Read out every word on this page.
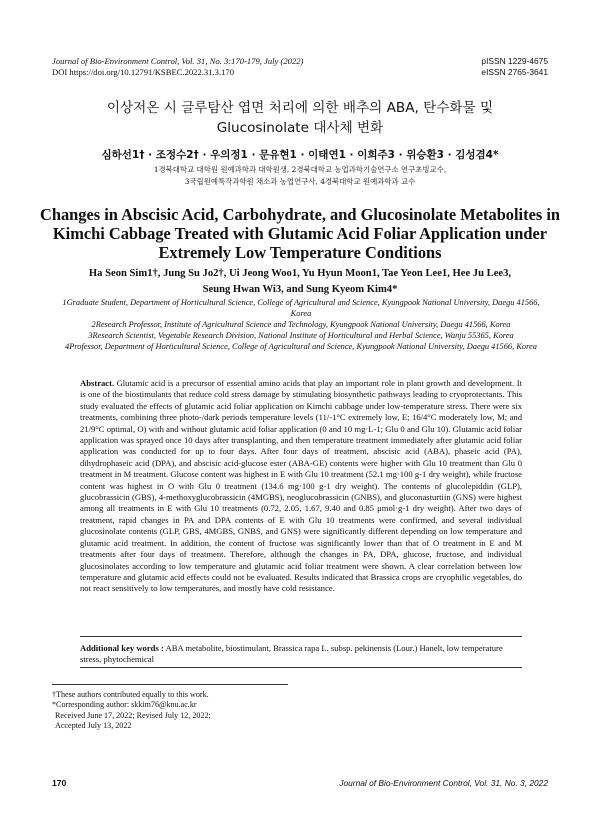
Journal of Bio-Environment Control, Vol. 31, No. 3:170-179, July (2022)
DOI https://doi.org/10.12791/KSBEC.2022.31.3.170
pISSN 1229-4675
eISSN 2765-3641
이상저온 시 글루탐산 엽면 처리에 의한 배추의 ABA, 탄수화물 및
Glucosinolate 대사체 변화
심하선1† · 조정수2† · 우의정1 · 문유현1 · 이태연1 · 이희주3 · 위승환3 · 김성겸4*
1경북대학교 대학원 원예과학과 대학원생, 2경북대학교 농업과학기술연구소 연구초빙교수,
3국립원예특작과학원 채소과 농업연구사, 4경북대학교 원예과학과 교수
Changes in Abscisic Acid, Carbohydrate, and Glucosinolate Metabolites in
Kimchi Cabbage Treated with Glutamic Acid Foliar Application under
Extremely Low Temperature Conditions
Ha Seon Sim1†, Jung Su Jo2†, Ui Jeong Woo1, Yu Hyun Moon1, Tae Yeon Lee1, Hee Ju Lee3,
Seung Hwan Wi3, and Sung Kyeom Kim4*

1Graduate Student, Department of Horticultural Science, College of Agricultural and Science, Kyungpook National University, Daegu 41566, Korea

2Research Professor, Institute of Agricultural Science and Technology, Kyungpook National University, Daegu 41566, Korea

3Research Scientist, Vegetable Research Division, National Institute of Horticultural and Herbal Science, Wanju 55365, Korea

4Professor, Department of Horticultural Science, College of Agricultural and Science, Kyungpook National University, Daegu 41566, Korea

Abstract. Glutamic acid is a precursor of essential amino acids that play an important role in plant growth and development. It is one of the biostimulants that reduce cold stress damage by stimulating biosynthetic pathways leading to cryoprotectants. This study evaluated the effects of glutamic acid foliar application on Kimchi cabbage under low-temperature stress. There were six treatments, combining three photo-/dark periods temperature levels (11/-1°C extremely low, E; 16/4°C moderately low, M; and 21/9°C optimal, O) with and without glutamic acid foliar application (0 and 10 mg·L-1; Glu 0 and Glu 10). Glutamic acid foliar application was sprayed once 10 days after transplanting, and then temperature treatment immediately after glutamic acid foliar application was conducted for up to four days. After four days of treatment, abscisic acid (ABA), phaseic acid (PA), dihydrophaseic acid (DPA), and abscisic acid-glucose ester (ABA-GE) contents were higher with Glu 10 treatment than Glu 0 treatment in M treatment. Glucose content was highest in E with Glu 10 treatment (52.1 mg·100 g-1 dry weight), while fructose content was highest in O with Glu 0 treatment (134.6 mg·100 g-1 dry weight). The contents of glucolepiddin (GLP), glucobrassicin (GBS), 4-methoxyglucobrassicin (4MGBS), neoglucobrassicin (GNBS), and gluconasturtiin (GNS) were highest among all treatments in E with Glu 10 treatments (0.72, 2.05, 1.67, 9.40 and 0.85 μmol·g-1 dry weight). After two days of treatment, rapid changes in PA and DPA contents of E with Glu 10 treatments were confirmed, and several individual glucosinolate contents (GLP, GBS, 4MGBS, GNBS, and GNS) were significantly different depending on low temperature and glutamic acid treatment. In addition, the content of fructose was significantly lower than that of O treatment in E and M treatments after four days of treatment. Therefore, although the changes in PA, DPA, glucose, fructose, and individual glucosinolates according to low temperature and glutamic acid foliar treatment were shown. A clear correlation between low temperature and glutamic acid effects could not be evaluated. Results indicated that Brassica crops are cryophilic vegetables, do not react sensitively to low temperatures, and mostly have cold resistance.
Additional key words : ABA metabolite, biostimulant, Brassica rapa L. subsp. pekinensis (Lour.) Hanelt, low temperature stress, phytochemical
†These authors contributed equally to this work.
*Corresponding author: skkim76@knu.ac.kr
Received June 17, 2022; Revised July 12, 2022;
Accepted July 13, 2022
170	Journal of Bio-Environment Control, Vol. 31, No. 3, 2022
